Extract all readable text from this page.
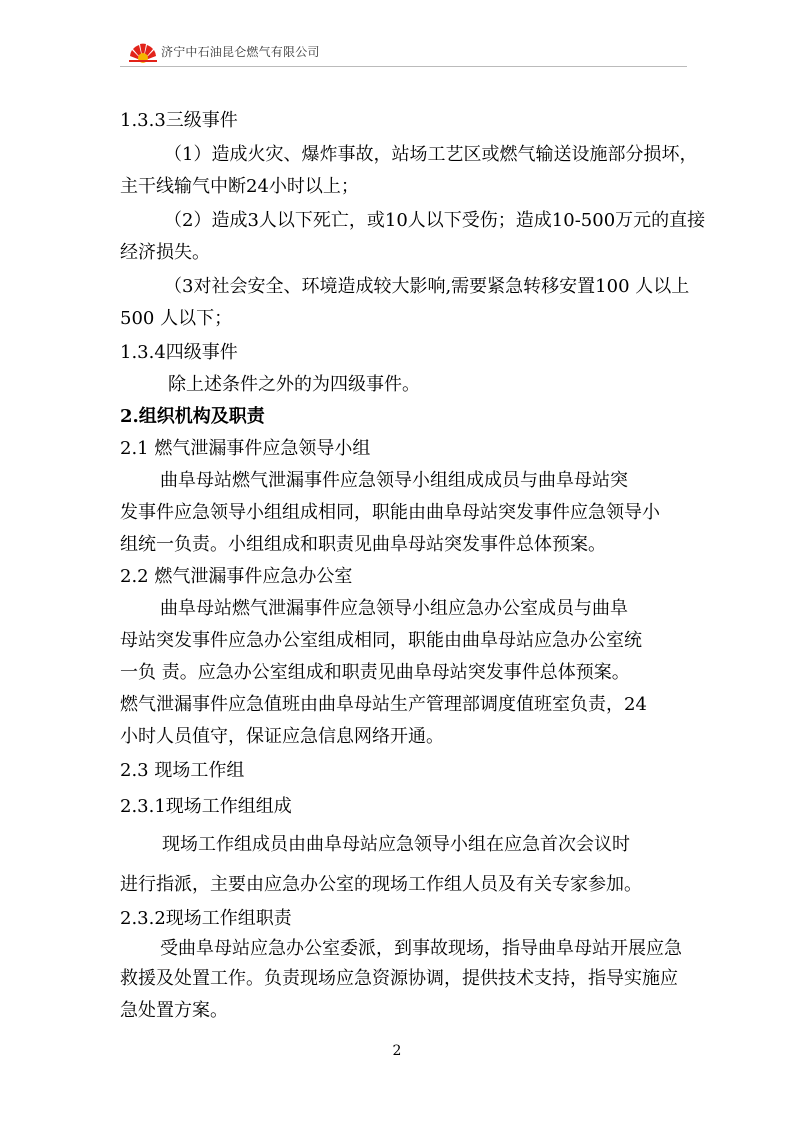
济宁中石油昆仑燃气有限公司
1.3.3三级事件
（1）造成火灾、爆炸事故，站场工艺区或燃气输送设施部分损坏，
主干线输气中断24小时以上；
（2）造成3人以下死亡，或10人以下受伤；造成10-500万元的直接
经济损失。
（3对社会安全、环境造成较大影响,需要紧急转移安置100 人以上
500 人以下；
1.3.4四级事件
除上述条件之外的为四级事件。
2.组织机构及职责
2.1 燃气泄漏事件应急领导小组
曲阜母站燃气泄漏事件应急领导小组组成成员与曲阜母站突
发事件应急领导小组组成相同，职能由曲阜母站突发事件应急领导小
组统一负责。小组组成和职责见曲阜母站突发事件总体预案。
2.2 燃气泄漏事件应急办公室
曲阜母站燃气泄漏事件应急领导小组应急办公室成员与曲阜
母站突发事件应急办公室组成相同，职能由曲阜母站应急办公室统
一负 责。应急办公室组成和职责见曲阜母站突发事件总体预案。
燃气泄漏事件应急值班由曲阜母站生产管理部调度值班室负责，24
小时人员值守，保证应急信息网络开通。
2.3 现场工作组
2.3.1现场工作组组成
现场工作组成员由曲阜母站应急领导小组在应急首次会议时
进行指派，主要由应急办公室的现场工作组人员及有关专家参加。
2.3.2现场工作组职责
受曲阜母站应急办公室委派，到事故现场，指导曲阜母站开展应急
救援及处置工作。负责现场应急资源协调，提供技术支持，指导实施应
急处置方案。
2
